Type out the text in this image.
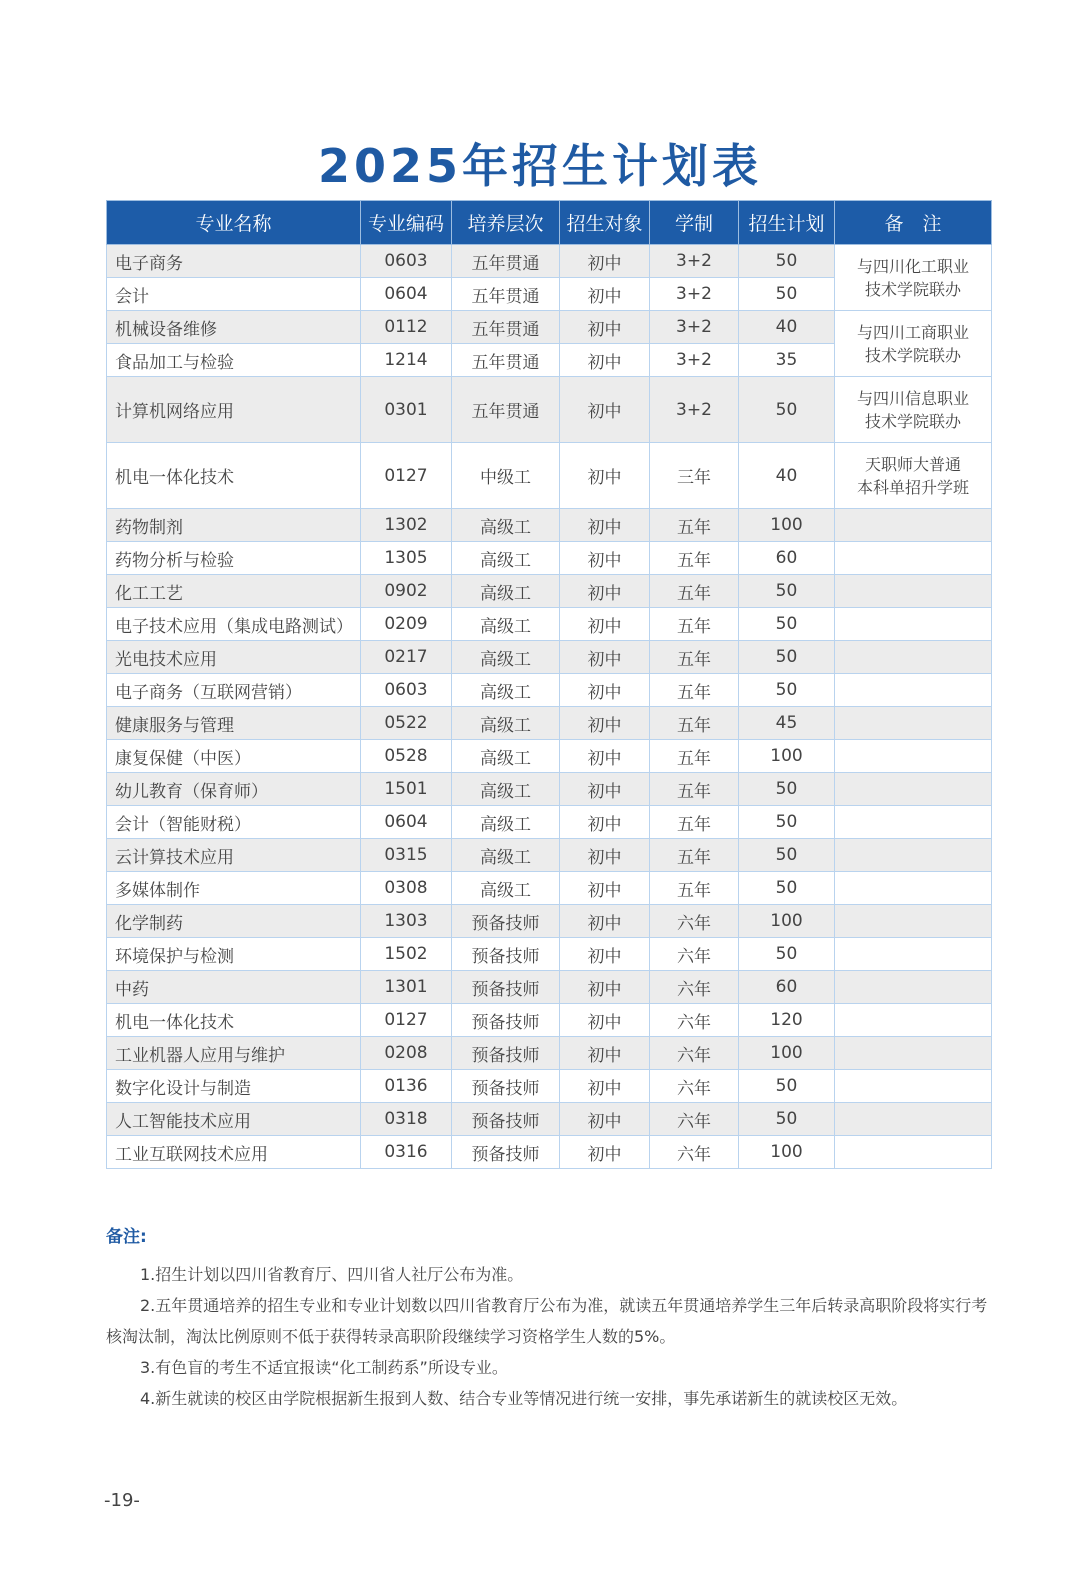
2025年招生计划表
专业名称	专业编码	培养层次	招生对象	学制	招生计划	备　注
电子商务	0603	五年贯通	初中	3+2	50	与四川化工职业
技术学院联办
会计	0604	五年贯通	初中	3+2	50	
机械设备维修	0112	五年贯通	初中	3+2	40	与四川工商职业
技术学院联办
食品加工与检验	1214	五年贯通	初中	3+2	35	
计算机网络应用	0301	五年贯通	初中	3+2	50	与四川信息职业
技术学院联办
机电一体化技术	0127	中级工	初中	三年	40	天职师大普通
本科单招升学班
药物制剂	1302	高级工	初中	五年	100	
药物分析与检验	1305	高级工	初中	五年	60	
化工工艺	0902	高级工	初中	五年	50	
电子技术应用（集成电路测试）	0209	高级工	初中	五年	50	
光电技术应用	0217	高级工	初中	五年	50	
电子商务（互联网营销）	0603	高级工	初中	五年	50	
健康服务与管理	0522	高级工	初中	五年	45	
康复保健（中医）	0528	高级工	初中	五年	100	
幼儿教育（保育师）	1501	高级工	初中	五年	50	
会计（智能财税）	0604	高级工	初中	五年	50	
云计算技术应用	0315	高级工	初中	五年	50	
多媒体制作	0308	高级工	初中	五年	50	
化学制药	1303	预备技师	初中	六年	100	
环境保护与检测	1502	预备技师	初中	六年	50	
中药	1301	预备技师	初中	六年	60	
机电一体化技术	0127	预备技师	初中	六年	120	
工业机器人应用与维护	0208	预备技师	初中	六年	100	
数字化设计与制造	0136	预备技师	初中	六年	50	
人工智能技术应用	0318	预备技师	初中	六年	50	
工业互联网技术应用	0316	预备技师	初中	六年	100	
备注:

1.招生计划以四川省教育厅、四川省人社厅公布为准。

2.五年贯通培养的招生专业和专业计划数以四川省教育厅公布为准，就读五年贯通培养学生三年后转录高职阶段将实行考核淘汰制，淘汰比例原则不低于获得转录高职阶段继续学习资格学生人数的5%。

3.有色盲的考生不适宜报读“化工制药系”所设专业。

4.新生就读的校区由学院根据新生报到人数、结合专业等情况进行统一安排，事先承诺新生的就读校区无效。

-19-
